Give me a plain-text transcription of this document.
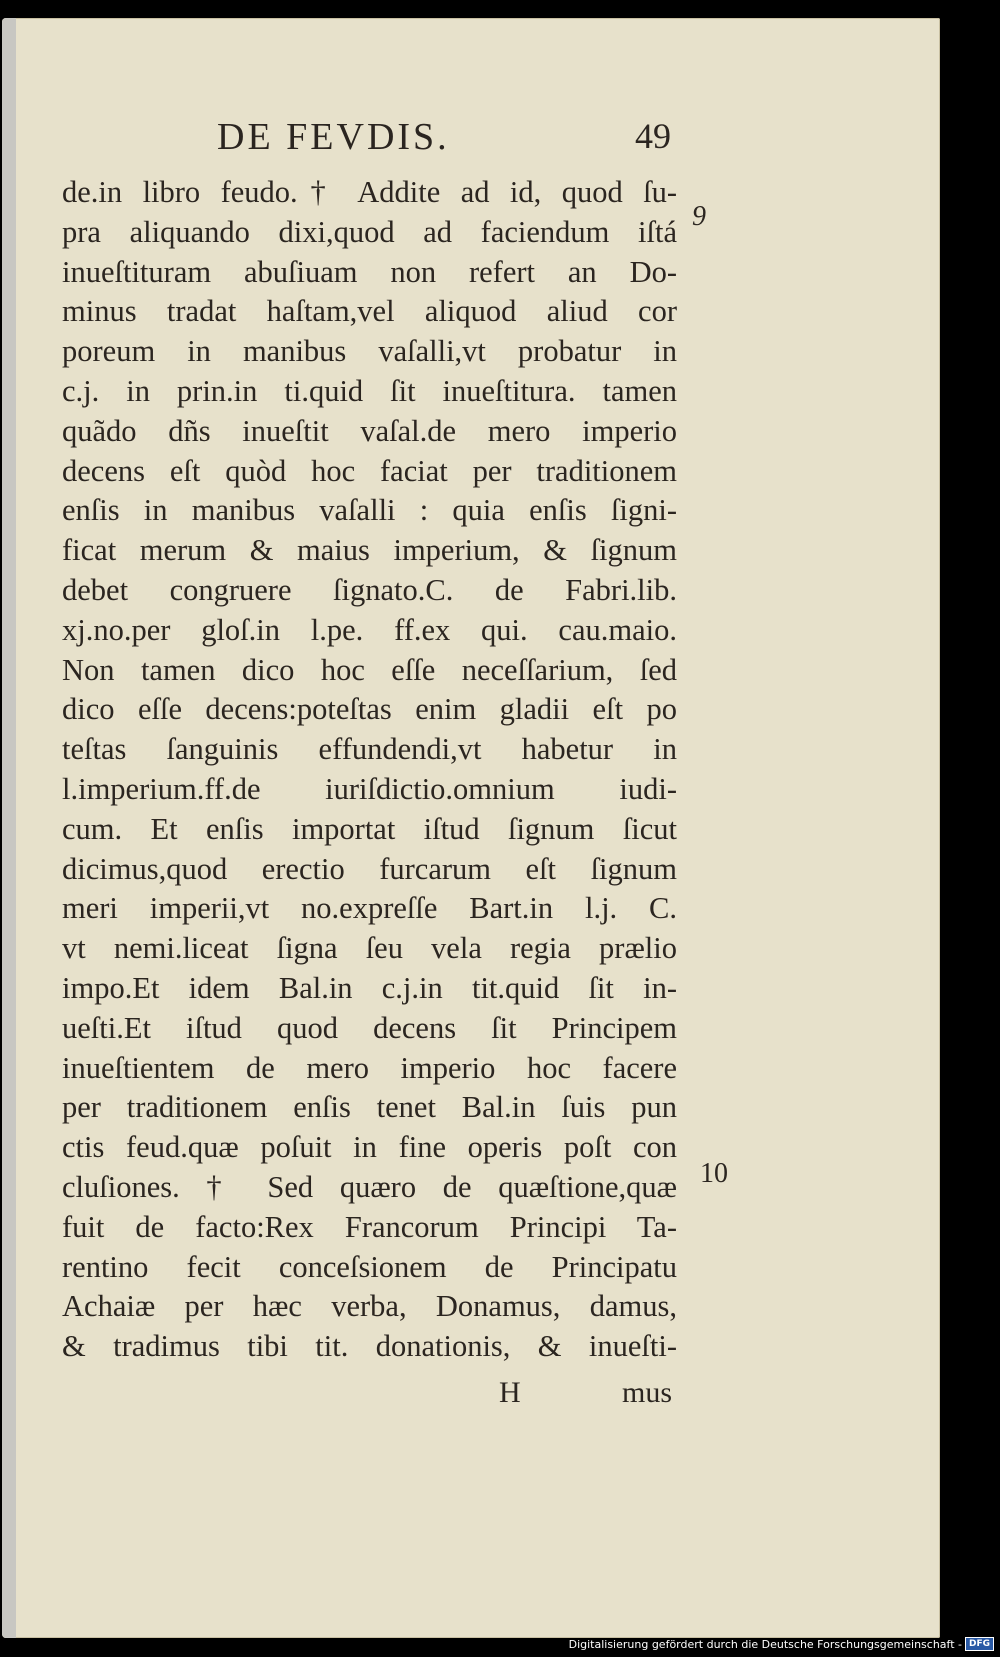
DE FEVDIS.	49
9
10
de.in libro feudo.† Addite ad id, quod ſu-
pra aliquando dixi,quod ad faciendum iſtá
inueſtituram abuſiuam non refert an Do-
minus tradat haſtam,vel aliquod aliud cor
poreum in manibus vaſalli,vt probatur in
c.j. in prin.in ti.quid ſit inueſtitura. tamen
quãdo dñs inueſtit vaſal.de mero imperio
decens eſt quòd hoc faciat per traditionem
enſis in manibus vaſalli : quia enſis ſigni-
ficat merum & maius imperium, & ſignum
debet congruere ſignato.C. de Fabri.lib.
xj.no.per gloſ.in l.pe. ff.ex qui. cau.maio.
Non tamen dico hoc eſſe neceſſarium, ſed
dico eſſe decens:poteſtas enim gladii eſt po
teſtas ſanguinis effundendi,vt habetur in
l.imperium.ff.de iuriſdictio.omnium iudi-
cum. Et enſis importat iſtud ſignum ſicut
dicimus,quod erectio furcarum eſt ſignum
meri imperii,vt no.expreſſe Bart.in l.j. C.
vt nemi.liceat ſigna ſeu vela regia prælio
impo.Et idem Bal.in c.j.in tit.quid ſit in-
ueſti.Et iſtud quod decens ſit Principem
inueſtientem de mero imperio hoc facere
per traditionem enſis tenet Bal.in ſuis pun
ctis feud.quæ poſuit in fine operis poſt con
cluſiones. † Sed quæro de quæſtione,quæ
fuit de facto:Rex Francorum Principi Ta-
rentino fecit conceſsionem de Principatu
Achaiæ per hæc verba, Donamus, damus,
& tradimus tibi tit. donationis, & inueſti-
H	mus
Digitalisierung gefördert durch die Deutsche Forschungsgemeinschaft - DFG
